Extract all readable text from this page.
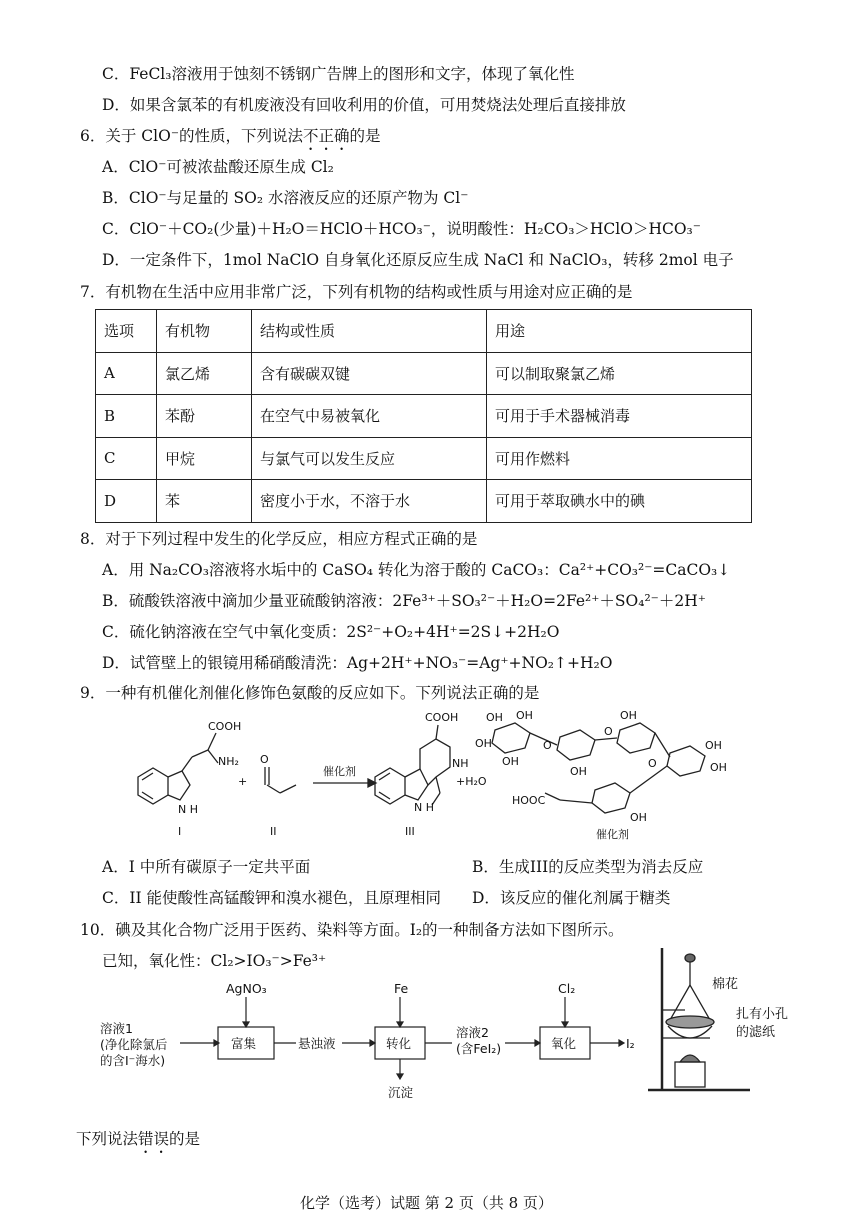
C．FeCl₃溶液用于蚀刻不锈钢广告牌上的图形和文字，体现了氧化性
D．如果含氯苯的有机废液没有回收利用的价值，可用焚烧法处理后直接排放
6．关于 ClO⁻的性质，下列说法不正确的是
A．ClO⁻可被浓盐酸还原生成 Cl₂
B．ClO⁻与足量的 SO₂ 水溶液反应的还原产物为 Cl⁻
C．ClO⁻＋CO₂(少量)＋H₂O＝HClO＋HCO₃⁻，说明酸性：H₂CO₃＞HClO＞HCO₃⁻
D．一定条件下，1mol NaClO 自身氧化还原反应生成 NaCl 和 NaClO₃，转移 2mol 电子
7．有机物在生活中应用非常广泛，下列有机物的结构或性质与用途对应正确的是
选项	有机物	结构或性质	用途
A	氯乙烯	含有碳碳双键	可以制取聚氯乙烯
B	苯酚	在空气中易被氧化	可用于手术器械消毒
C	甲烷	与氯气可以发生反应	可用作燃料
D	苯	密度小于水，不溶于水	可用于萃取碘水中的碘
8．对于下列过程中发生的化学反应，相应方程式正确的是
A．用 Na₂CO₃溶液将水垢中的 CaSO₄ 转化为溶于酸的 CaCO₃：Ca²⁺+CO₃²⁻=CaCO₃↓
B．硫酸铁溶液中滴加少量亚硫酸钠溶液：2Fe³⁺＋SO₃²⁻＋H₂O=2Fe²⁺＋SO₄²⁻＋2H⁺
C．硫化钠溶液在空气中氧化变质：2S²⁻+O₂+4H⁺=2S↓+2H₂O
D．试管壁上的银镜用稀硝酸清洗：Ag+2H⁺+NO₃⁻=Ag⁺+NO₂↑+H₂O
9．一种有机催化剂催化修饰色氨酸的反应如下。下列说法正确的是
COOH
NH₂
N H
+
O
催化剂
COOH
NH
N H
+H₂O
OH OH
OH
OH
O
O
OH
OH
OH
OH
O
OH
HOOC
I	II	III	催化剂
A．I 中所有碳原子一定共平面	B．生成III的反应类型为消去反应
C．II 能使酸性高锰酸钾和溴水褪色，且原理相同 D．该反应的催化剂属于糖类
10．碘及其化合物广泛用于医药、染料等方面。I₂的一种制备方法如下图所示。
已知，氧化性：Cl₂>IO₃⁻>Fe³⁺
溶液1
(净化除氯后
的含I⁻海水)
AgNO₃
富集	悬浊液
Fe
转化
沉淀
溶液2
(含FeI₂)
Cl₂
氧化	I₂
棉花
扎有小孔
的滤纸
下列说法错误的是
化学（选考）试题 第 2 页（共 8 页）
